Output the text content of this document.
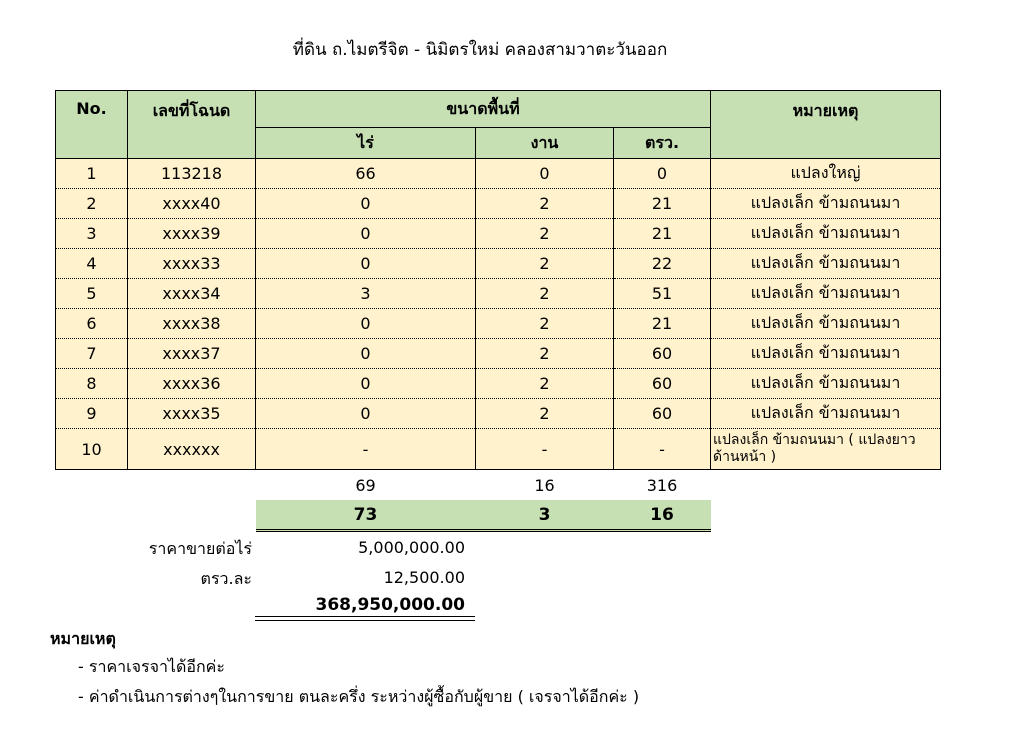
ที่ดิน ถ.ไมตรีจิต - นิมิตรใหม่ คลองสามวาตะวันออก
No.	เลขที่โฉนด	ขนาดพื้นที่			หมายเหตุ
		ไร่	งาน	ตรว.	
1	113218	66	0	0	แปลงใหญ่
2	xxxx40	0	2	21	แปลงเล็ก ข้ามถนนมา
3	xxxx39	0	2	21	แปลงเล็ก ข้ามถนนมา
4	xxxx33	0	2	22	แปลงเล็ก ข้ามถนนมา
5	xxxx34	3	2	51	แปลงเล็ก ข้ามถนนมา
6	xxxx38	0	2	21	แปลงเล็ก ข้ามถนนมา
7	xxxx37	0	2	60	แปลงเล็ก ข้ามถนนมา
8	xxxx36	0	2	60	แปลงเล็ก ข้ามถนนมา
9	xxxx35	0	2	60	แปลงเล็ก ข้ามถนนมา
10	xxxxxx	-	-	-	แปลงเล็ก ข้ามถนนมา ( แปลงยาวด้านหน้า )
		69	16	316	
		73	3	16	
ราคาขายต่อไร่	5,000,000.00
ตรว.ละ	12,500.00
368,950,000.00
หมายเหตุ
- ราคาเจรจาได้อีกค่ะ
- ค่าดำเนินการต่างๆในการขาย ตนละครึ่ง ระหว่างผู้ซื้อกับผู้ขาย ( เจรจาได้อีกค่ะ )
